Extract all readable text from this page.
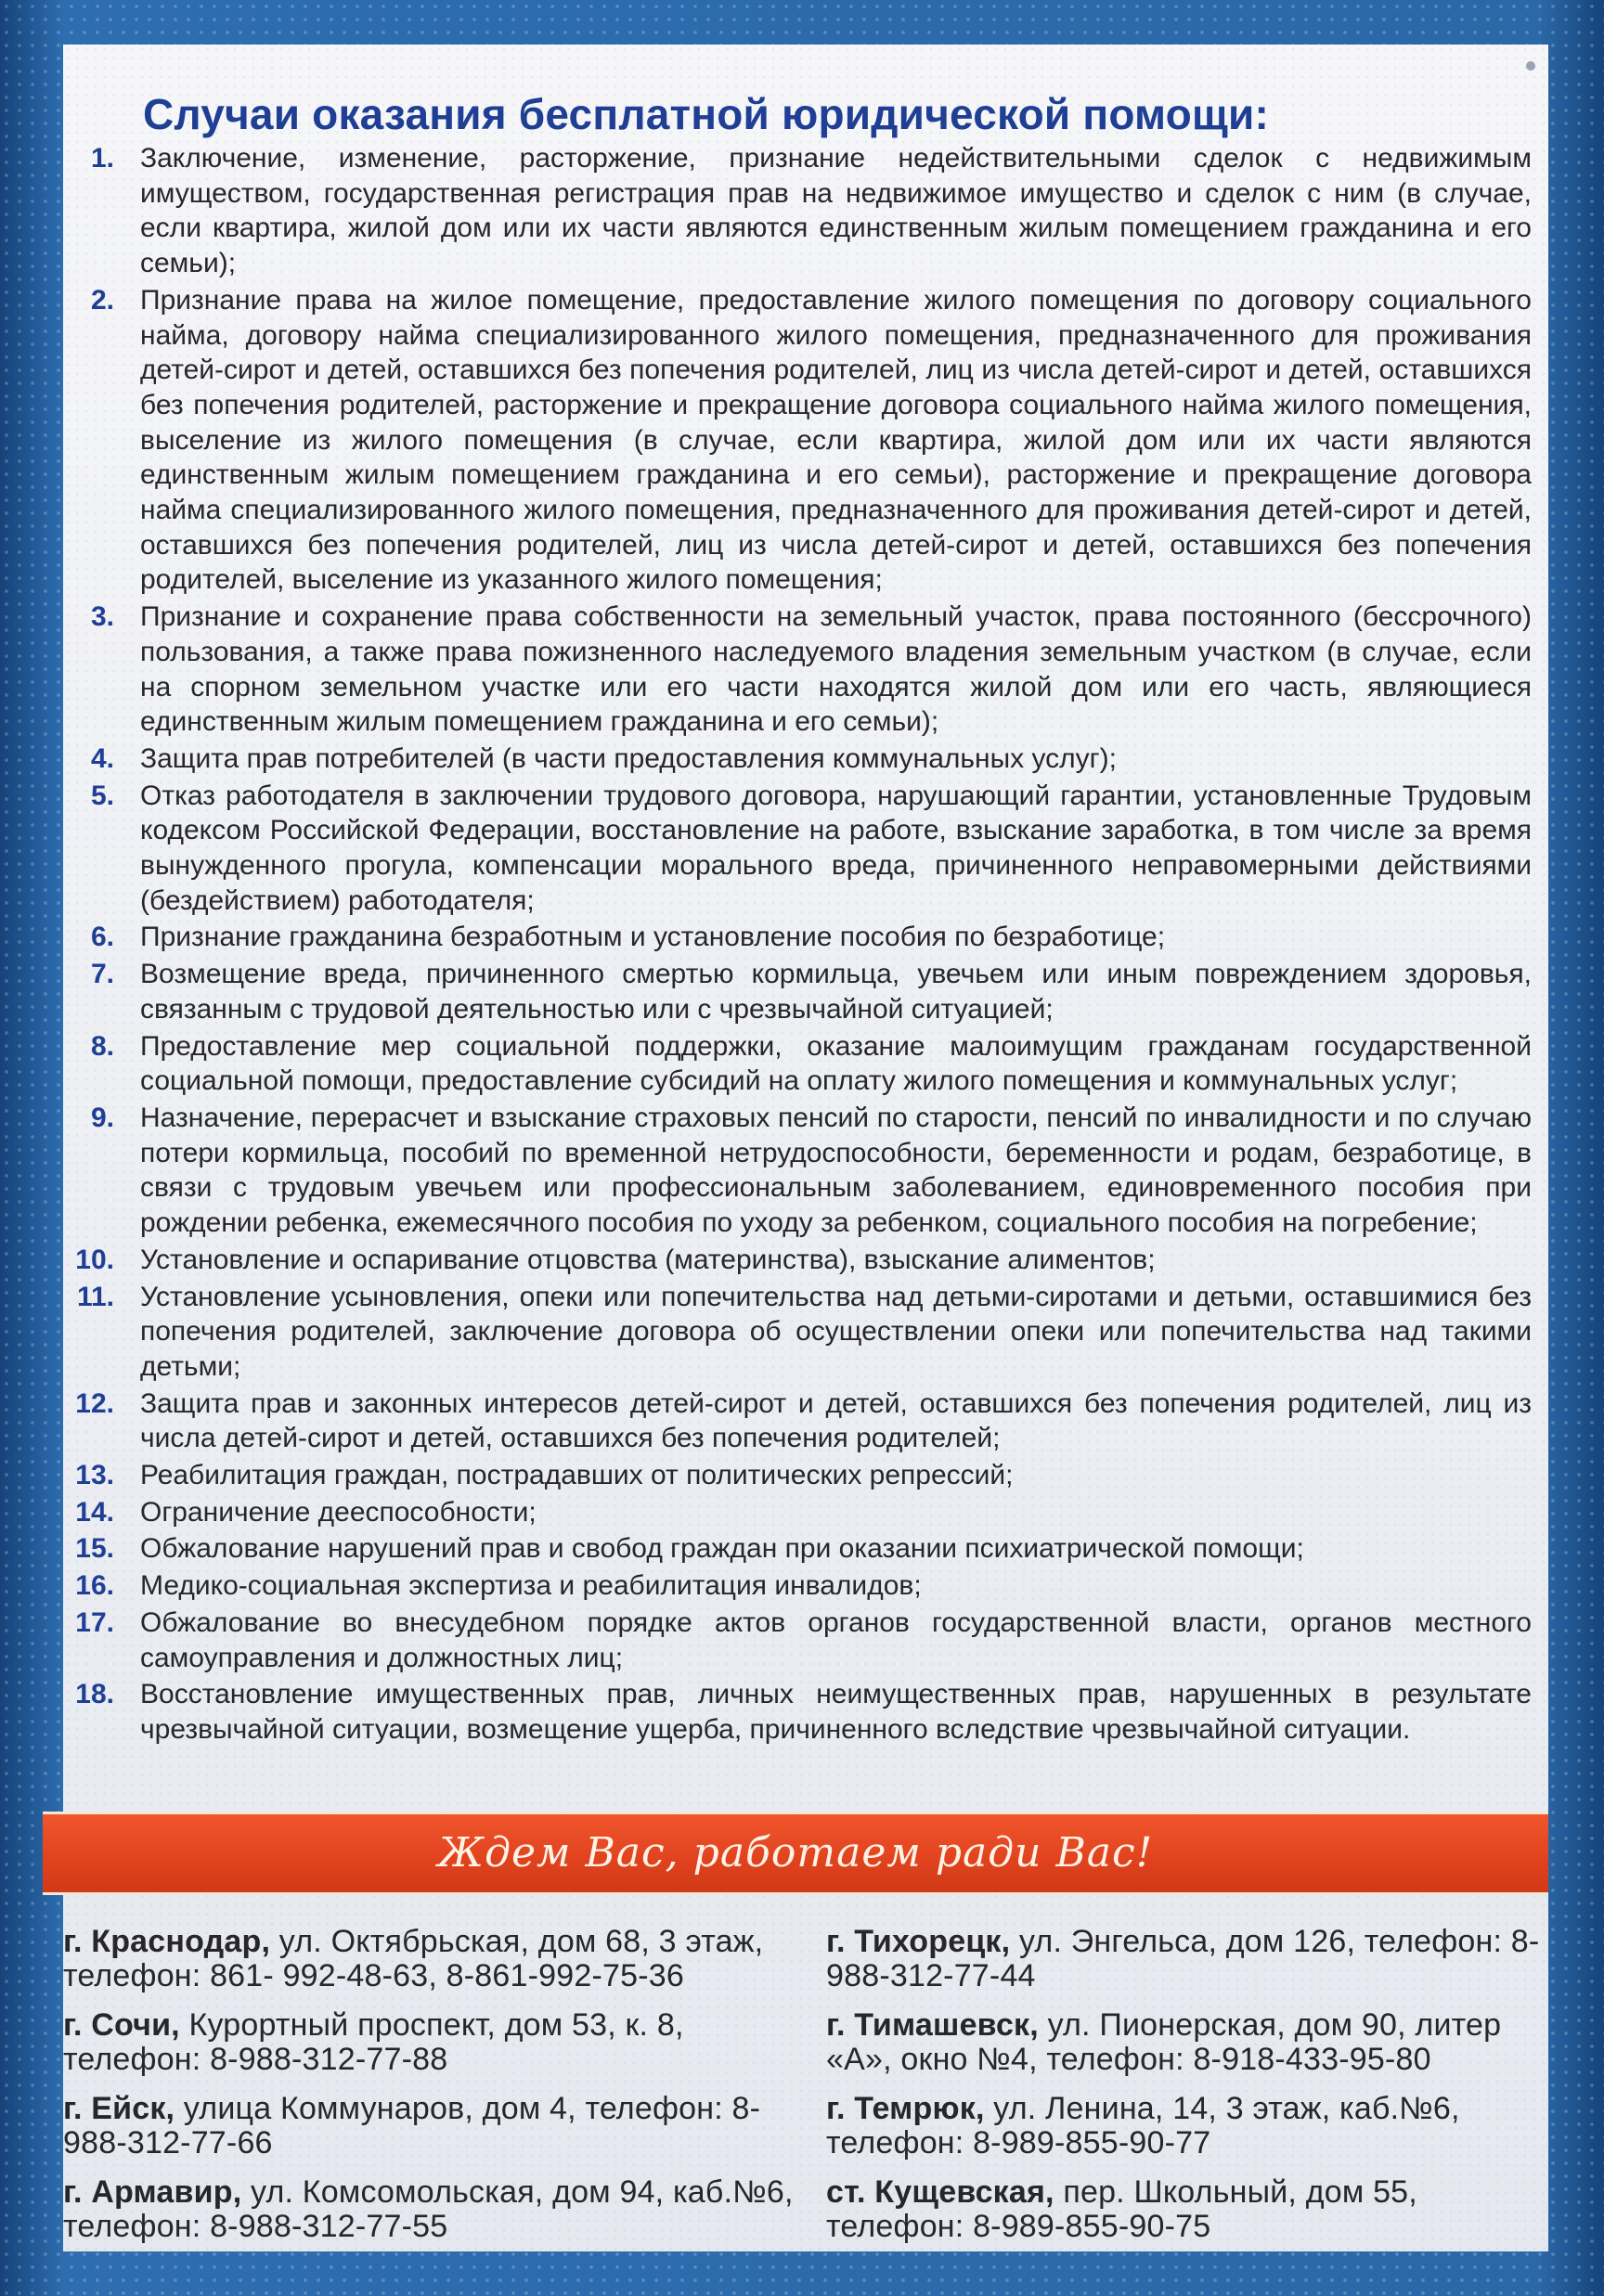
Случаи оказания бесплатной юридической помощи:
1. Заключение, изменение, расторжение, признание недействительными сделок с недвижимым имуществом, государственная регистрация прав на недвижимое имущество и сделок с ним (в случае, если квартира, жилой дом или их части являются единственным жилым помещением гражданина и его семьи);
2. Признание права на жилое помещение, предоставление жилого помещения по договору социального найма, договору найма специализированного жилого помещения, предназначенного для проживания детей-сирот и детей, оставшихся без попечения родителей, лиц из числа детей-сирот и детей, оставшихся без попечения родителей, расторжение и прекращение договора социального найма жилого помещения, выселение из жилого помещения (в случае, если квартира, жилой дом или их части являются единственным жилым помещением гражданина и его семьи), расторжение и прекращение договора найма специализированного жилого помещения, предназначенного для проживания детей-сирот и детей, оставшихся без попечения родителей, лиц из числа детей-сирот и детей, оставшихся без попечения родителей, выселение из указанного жилого помещения;
3. Признание и сохранение права собственности на земельный участок, права постоянного (бессрочного) пользования, а также права пожизненного наследуемого владения земельным участком (в случае, если на спорном земельном участке или его части находятся жилой дом или его часть, являющиеся единственным жилым помещением гражданина и его семьи);
4. Защита прав потребителей (в части предоставления коммунальных услуг);
5. Отказ работодателя в заключении трудового договора, нарушающий гарантии, установленные Трудовым кодексом Российской Федерации, восстановление на работе, взыскание заработка, в том числе за время вынужденного прогула, компенсации морального вреда, причиненного неправомерными действиями (бездействием) работодателя;
6. Признание гражданина безработным и установление пособия по безработице;
7. Возмещение вреда, причиненного смертью кормильца, увечьем или иным повреждением здоровья, связанным с трудовой деятельностью или с чрезвычайной ситуацией;
8. Предоставление мер социальной поддержки, оказание малоимущим гражданам государственной социальной помощи, предоставление субсидий на оплату жилого помещения и коммунальных услуг;
9. Назначение, перерасчет и взыскание страховых пенсий по старости, пенсий по инвалидности и по случаю потери кормильца, пособий по временной нетрудоспособности, беременности и родам, безработице, в связи с трудовым увечьем или профессиональным заболеванием, единовременного пособия при рождении ребенка, ежемесячного пособия по уходу за ребенком, социального пособия на погребение;
10. Установление и оспаривание отцовства (материнства), взыскание алиментов;
11. Установление усыновления, опеки или попечительства над детьми-сиротами и детьми, оставшимися без попечения родителей, заключение договора об осуществлении опеки или попечительства над такими детьми;
12. Защита прав и законных интересов детей-сирот и детей, оставшихся без попечения родителей, лиц из числа детей-сирот и детей, оставшихся без попечения родителей;
13. Реабилитация граждан, пострадавших от политических репрессий;
14. Ограничение дееспособности;
15. Обжалование нарушений прав и свобод граждан при оказании психиатрической помощи;
16. Медико-социальная экспертиза и реабилитация инвалидов;
17. Обжалование во внесудебном порядке актов органов государственной власти, органов местного самоуправления и должностных лиц;
18. Восстановление имущественных прав, личных неимущественных прав, нарушенных в результате чрезвычайной ситуации, возмещение ущерба, причиненного вследствие чрезвычайной ситуации.
Ждем Вас, работаем ради Вас!
г. Краснодар, ул. Октябрьская, дом 68, 3 этаж, телефон: 861- 992-48-63, 8-861-992-75-36
г. Сочи, Курортный проспект, дом 53, к. 8, телефон: 8-988-312-77-88
г. Ейск, улица Коммунаров, дом 4, телефон: 8-988-312-77-66
г. Армавир, ул. Комсомольская, дом 94, каб.№6, телефон: 8-988-312-77-55
г. Тихорецк, ул. Энгельса, дом 126, телефон: 8-988-312-77-44
г. Тимашевск, ул. Пионерская, дом 90, литер «А», окно №4, телефон: 8-918-433-95-80
г. Темрюк, ул. Ленина, 14, 3 этаж, каб.№6, телефон: 8-989-855-90-77
ст. Кущевская, пер. Школьный, дом 55, телефон: 8-989-855-90-75
